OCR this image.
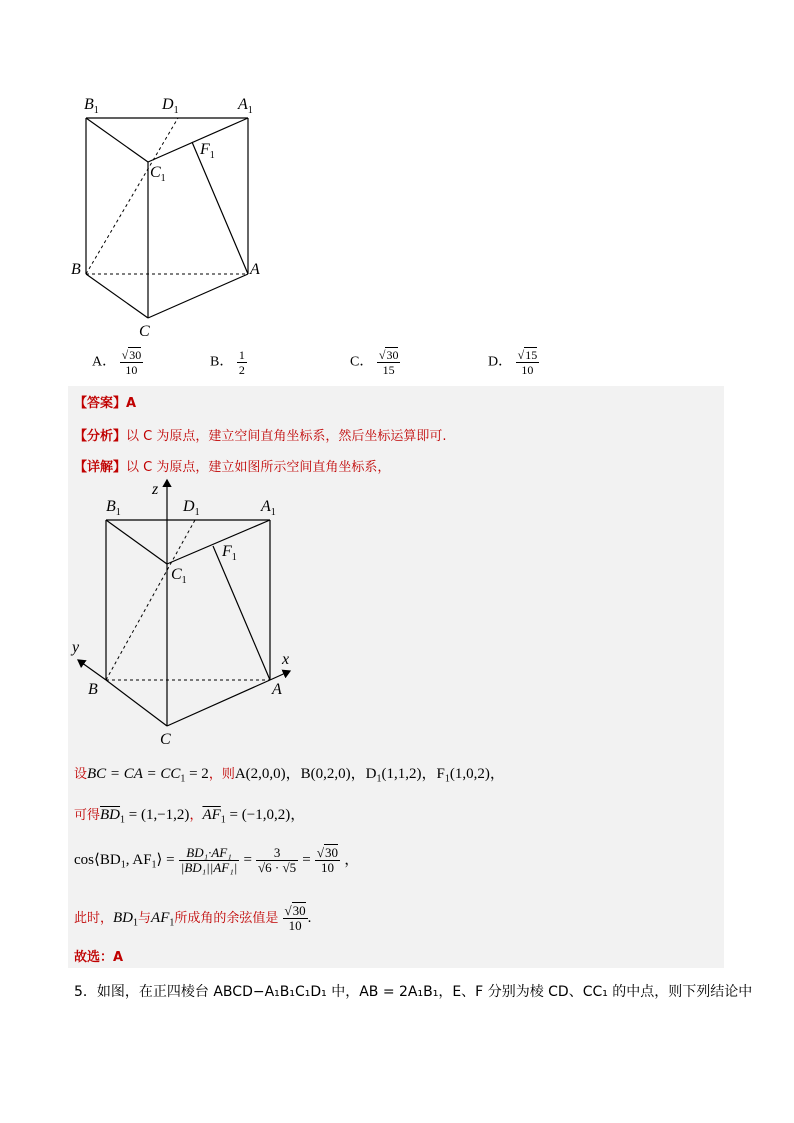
$B_1$	$D_1$	$A_1$
$F_1$
$C_1$
B	A
C
A． $\frac{√30}{10}$	B． $\frac{1}{2}$	C． $\frac{√30}{15}$	D． $\frac{√15}{10}$
【答案】A
【分析】以 C 为原点，建立空间直角坐标系，然后坐标运算即可.
【详解】以 C 为原点，建立如图所示空间直角坐标系，
z
y
x
$B_1$	$D_1$	$A_1$
$F_1$
$C_1$
B	A
C
设BC = CA = $CC_1 = 2$，则A(2,0,0)，B(0,2,0)，$D_1(1,1,2)$，$F_1(1,0,2)$，
可得$\overline{BD}_1 = (1,-1,2)$，$\overline{AF}_1 = (-1,0,2)$，
$\cos⟨BD_1$, $AF_1⟩ = \frac{\text{BD₁·AF₁}}{\text{|BD₁||AF₁|}} = \frac{3}{√6 \cdot √5} = \frac{√30}{10}$ ，
此时，$BD_1$与$AF_1$所成角的余弦值是 $\frac{√30}{10}$ .
故选：A
5．如图，在正四棱台 ABCD−A₁B₁C₁D₁ 中，AB = 2A₁B₁，E、F 分别为棱 CD、CC₁ 的中点，则下列结论中
